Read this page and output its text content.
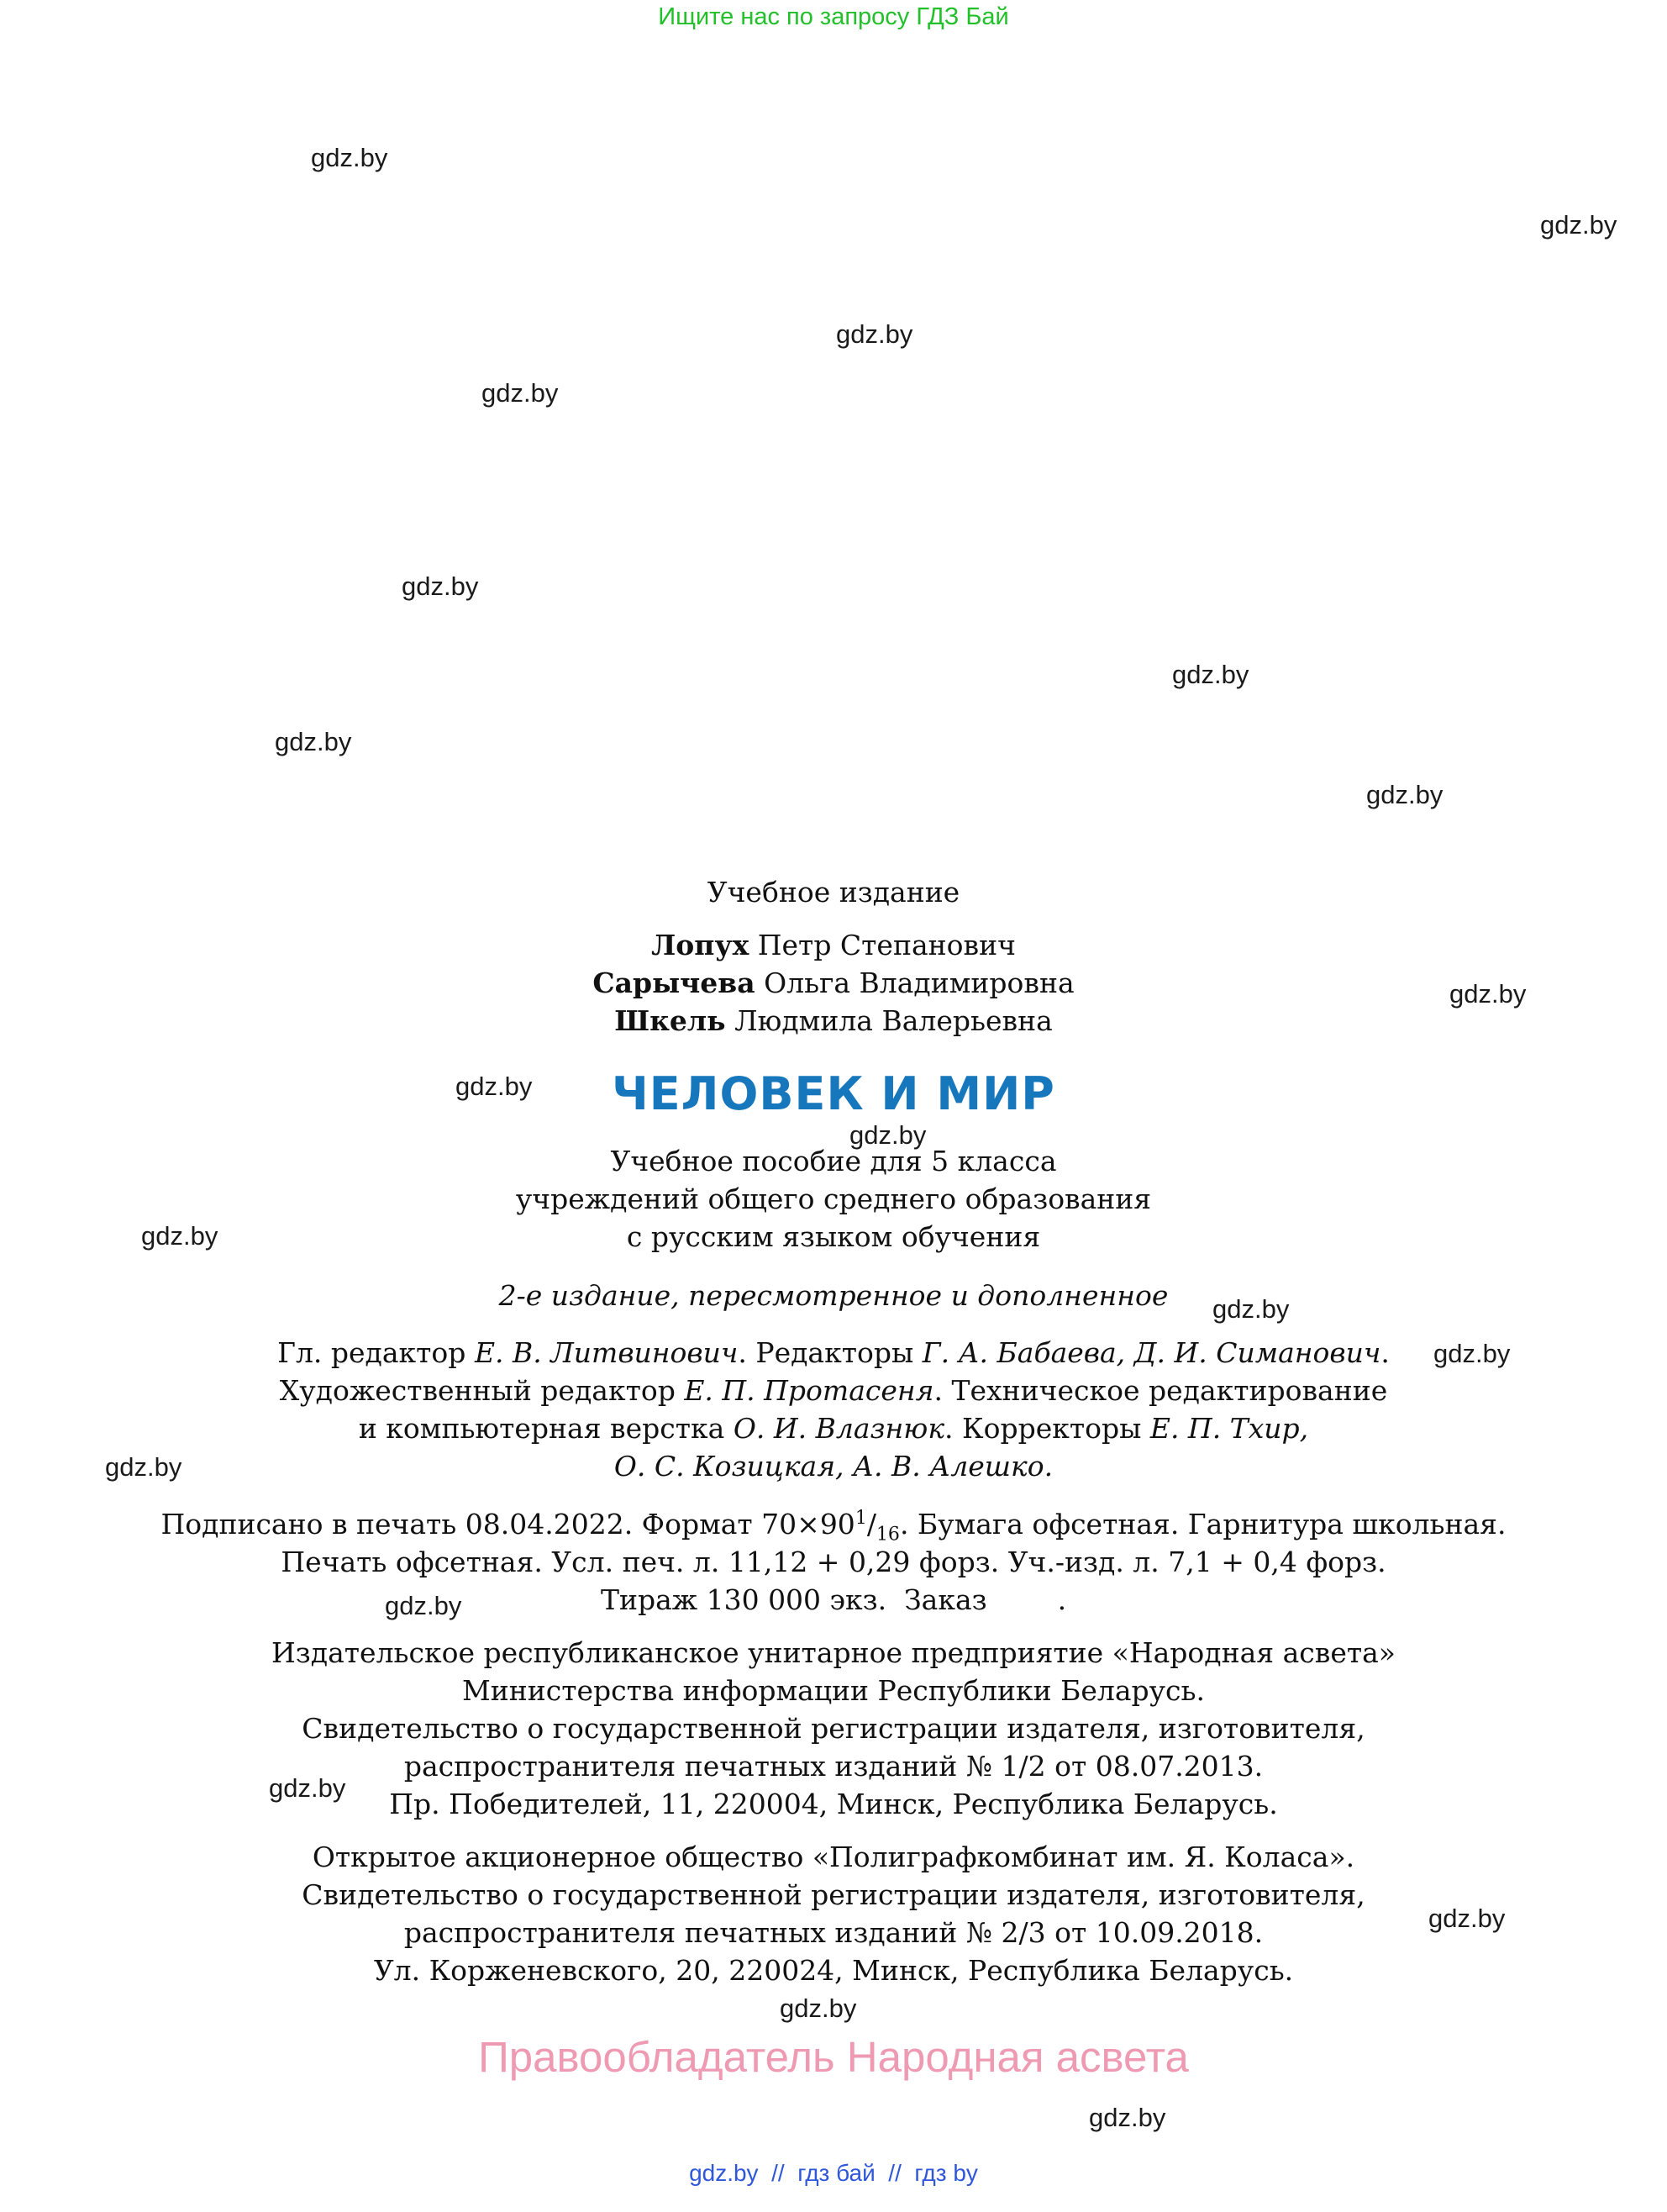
Ищите нас по запросу ГДЗ Бай
gdz.by
gdz.by
gdz.by
gdz.by
gdz.by
gdz.by
gdz.by
gdz.by
gdz.by
gdz.by
gdz.by
gdz.by
gdz.by
gdz.by
gdz.by
gdz.by
gdz.by
gdz.by
gdz.by
gdz.by
Учебное издание
Лопух Петр Степанович
Сарычева Ольга Владимировна
Шкель Людмила Валерьевна
ЧЕЛОВЕК И МИР
Учебное пособие для 5 класса
учреждений общего среднего образования
с русским языком обучения
2-е издание, пересмотренное и дополненное
Гл. редактор Е. В. Литвинович. Редакторы Г. А. Бабаева, Д. И. Симанович.
Художественный редактор Е. П. Протасеня. Техническое редактирование
и компьютерная верстка О. И. Влазнюк. Корректоры Е. П. Тхир,
О. С. Козицкая, А. В. Алешко.
Подписано в печать 08.04.2022. Формат $70\times 90^1/_{16}$. Бумага офсетная. Гарнитура школьная.
Печать офсетная. Усл. печ. л. 11,12 + 0,29 форз. Уч.-изд. л. 7,1 + 0,4 форз.
Тираж 130 000 экз.  Заказ        .
Издательское республиканское унитарное предприятие «Народная асвета»
Министерства информации Республики Беларусь.
Свидетельство о государственной регистрации издателя, изготовителя,
распространителя печатных изданий № 1/2 от 08.07.2013.
Пр. Победителей, 11, 220004, Минск, Республика Беларусь.
Открытое акционерное общество «Полиграфкомбинат им. Я. Коласа».
Свидетельство о государственной регистрации издателя, изготовителя,
распространителя печатных изданий № 2/3 от 10.09.2018.
Ул. Корженевского, 20, 220024, Минск, Республика Беларусь.
Правообладатель Народная асвета
gdz.by  //  гдз бай  //  гдз by
